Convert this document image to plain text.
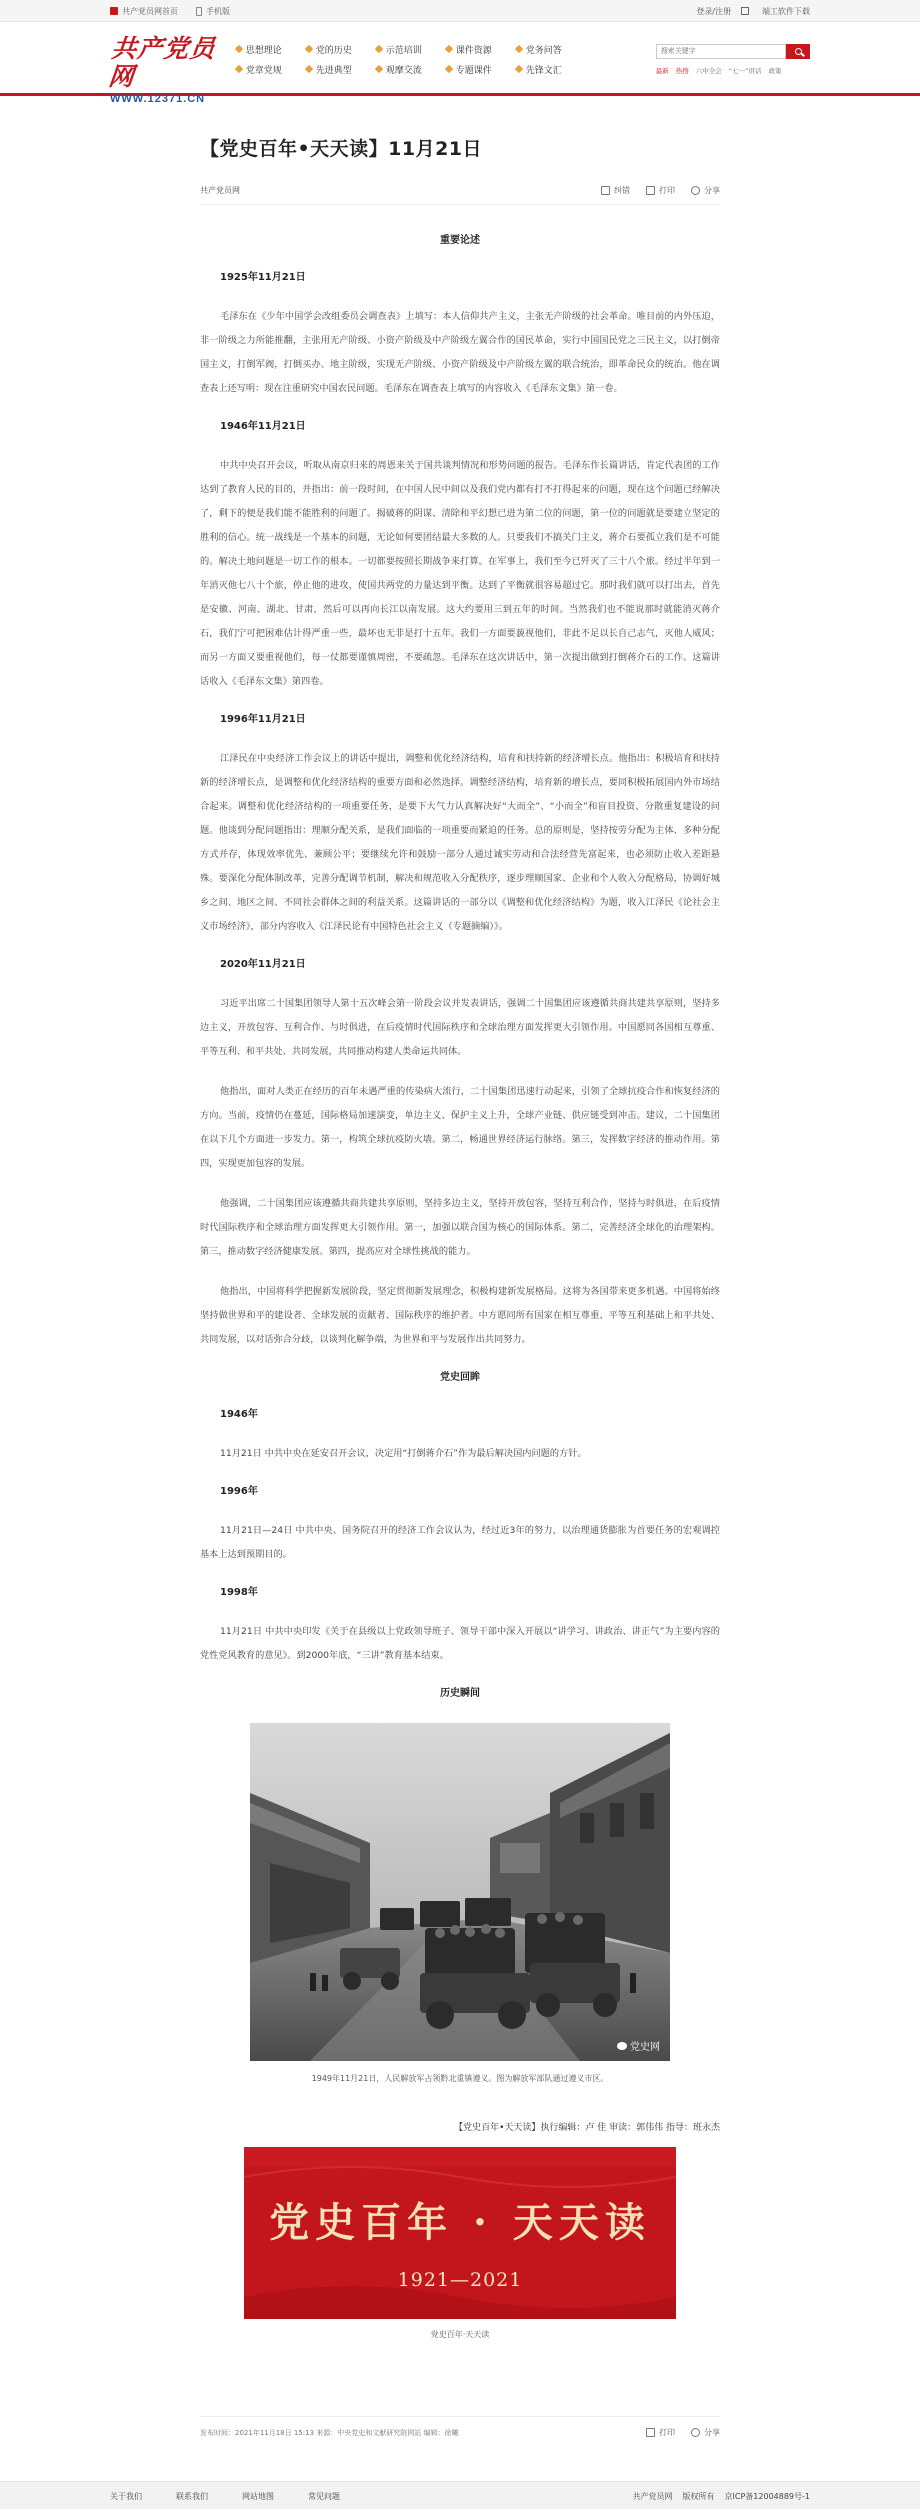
共产党员网首页	手机版	登录/注册	端工软件下载
共产党员网
WWW.12371.CN
思想理论	党的历史	示范培训	课件资源	党务问答
党章党规	先进典型	观摩交流	专题课件	先锋文汇
搜索关键字	最新 热搜 六中全会 “七一”讲话 政策
【党史百年•天天读】11月21日
共产党员网	纠错	打印	分享
重要论述
1925年11月21日

毛泽东在《少年中国学会改组委员会调查表》上填写：本人信仰共产主义，主张无产阶级的社会革命。唯目前的内外压迫，非一阶级之力所能推翻，主张用无产阶级、小资产阶级及中产阶级左翼合作的国民革命，实行中国国民党之三民主义，以打倒帝国主义，打倒军阀，打倒买办、地主阶级，实现无产阶级、小资产阶级及中产阶级左翼的联合统治，即革命民众的统治。他在调查表上还写明：现在注重研究中国农民问题。毛泽东在调查表上填写的内容收入《毛泽东文集》第一卷。

1946年11月21日

中共中央召开会议，听取从南京归来的周恩来关于国共谈判情况和形势问题的报告。毛泽东作长篇讲话，肯定代表团的工作达到了教育人民的目的，并指出：前一段时间，在中国人民中间以及我们党内都有打不打得起来的问题，现在这个问题已经解决了，剩下的便是我们能不能胜利的问题了。揭破蒋的阴谋、清除和平幻想已进为第二位的问题，第一位的问题就是要建立坚定的胜利的信心。统一战线是一个基本的问题，无论如何要团结最大多数的人。只要我们不搞关门主义，蒋介石要孤立我们是不可能的。解决土地问题是一切工作的根本。一切都要按照长期战争来打算。在军事上，我们至今已歼灭了三十八个旅。经过半年到一年消灭他七八十个旅，停止他的进攻，使国共两党的力量达到平衡。达到了平衡就很容易超过它。那时我们就可以打出去，首先是安徽、河南、湖北、甘肃，然后可以再向长江以南发展。这大约要用三到五年的时间。当然我们也不能说那时就能消灭蒋介石，我们宁可把困难估计得严重一些，最坏也无非是打十五年。我们一方面要藐视他们，非此不足以长自己志气，灭他人威风；而另一方面又要重视他们，每一仗都要谨慎周密，不要疏忽。毛泽东在这次讲话中，第一次提出做到打倒蒋介石的工作。这篇讲话收入《毛泽东文集》第四卷。

1996年11月21日

江泽民在中央经济工作会议上的讲话中提出，调整和优化经济结构，培育和扶持新的经济增长点。他指出：积极培育和扶持新的经济增长点，是调整和优化经济结构的重要方面和必然选择。调整经济结构，培育新的增长点，要同积极拓展国内外市场结合起来。调整和优化经济结构的一项重要任务，是要下大气力认真解决好“大而全”、“小而全”和盲目投资、分散重复建设的问题。他谈到分配问题指出：理顺分配关系，是我们面临的一项重要而紧迫的任务。总的原则是，坚持按劳分配为主体、多种分配方式并存，体现效率优先、兼顾公平；要继续允许和鼓励一部分人通过诚实劳动和合法经营先富起来，也必须防止收入差距悬殊。要深化分配体制改革，完善分配调节机制，解决和规范收入分配秩序，逐步理顺国家、企业和个人收入分配格局，协调好城乡之间、地区之间、不同社会群体之间的利益关系。这篇讲话的一部分以《调整和优化经济结构》为题，收入江泽民《论社会主义市场经济》，部分内容收入《江泽民论有中国特色社会主义（专题摘编）》。

2020年11月21日

习近平出席二十国集团领导人第十五次峰会第一阶段会议并发表讲话，强调二十国集团应该遵循共商共建共享原则，坚持多边主义，开放包容、互利合作、与时俱进，在后疫情时代国际秩序和全球治理方面发挥更大引领作用。中国愿同各国相互尊重、平等互利、和平共处、共同发展，共同推动构建人类命运共同体。

他指出，面对人类正在经历的百年未遇严重的传染病大流行，二十国集团迅速行动起来，引领了全球抗疫合作和恢复经济的方向。当前，疫情仍在蔓延，国际格局加速演变，单边主义、保护主义上升，全球产业链、供应链受到冲击。建议，二十国集团在以下几个方面进一步发力。第一，构筑全球抗疫防火墙。第二，畅通世界经济运行脉络。第三，发挥数字经济的推动作用。第四，实现更加包容的发展。

他强调，二十国集团应该遵循共商共建共享原则，坚持多边主义，坚持开放包容，坚持互利合作，坚持与时俱进，在后疫情时代国际秩序和全球治理方面发挥更大引领作用。第一，加强以联合国为核心的国际体系。第二，完善经济全球化的治理架构。第三，推动数字经济健康发展。第四，提高应对全球性挑战的能力。

他指出，中国将科学把握新发展阶段，坚定贯彻新发展理念，积极构建新发展格局。这将为各国带来更多机遇。中国将始终坚持做世界和平的建设者、全球发展的贡献者、国际秩序的维护者。中方愿同所有国家在相互尊重、平等互利基础上和平共处、共同发展，以对话弥合分歧，以谈判化解争端，为世界和平与发展作出共同努力。

党史回眸
1946年

11月21日 中共中央在延安召开会议，决定用“打倒蒋介石”作为最后解决国内问题的方针。

1996年

11月21日—24日 中共中央、国务院召开的经济工作会议认为，经过近3年的努力，以治理通货膨胀为首要任务的宏观调控基本上达到预期目的。

1998年

11月21日 中共中央印发《关于在县级以上党政领导班子、领导干部中深入开展以“讲学习、讲政治、讲正气”为主要内容的党性党风教育的意见》。到2000年底，“三讲”教育基本结束。

历史瞬间
党史网
1949年11月21日，人民解放军占领黔北重镇遵义。图为解放军部队通过遵义市区。
【党史百年•天天读】执行编辑：卢 佳 审读：郭伟伟 指导：班永杰
党史百年 · 天天读
1921—2021
党史百年·天天读
发布时间：2021年11月18日 15:13 来源：中央党史和文献研究院网站 编辑：徐曦	打印	分享
关于我们	联系我们	网站地图	常见问题	共产党员网 版权所有 京ICP备12004889号-1
